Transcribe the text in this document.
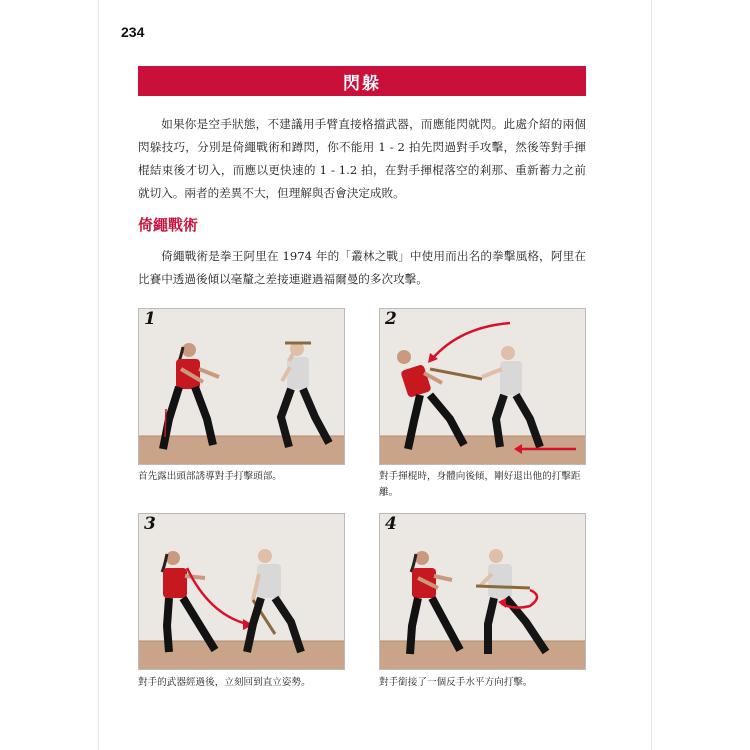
234
閃躲

如果你是空手狀態，不建議用手臂直接格擋武器，而應能閃就閃。此處介紹的兩個閃躲技巧，分別是倚繩戰術和蹲閃，你不能用 1 - 2 拍先閃過對手攻擊，然後等對手揮棍結束後才切入，而應以更快速的 1 - 1.2 拍，在對手揮棍落空的剎那、重新蓄力之前就切入。兩者的差異不大，但理解與否會決定成敗。

倚繩戰術

倚繩戰術是拳王阿里在 1974 年的「叢林之戰」中使用而出名的拳擊風格，阿里在比賽中透過後傾以毫釐之差接連避過福爾曼的多次攻擊。

1
首先露出頭部誘導對手打擊頭部。
2
對手揮棍時，身體向後傾，剛好退出他的打擊距離。
3
對手的武器經過後，立刻回到直立姿勢。
4
對手銜接了一個反手水平方向打擊。
